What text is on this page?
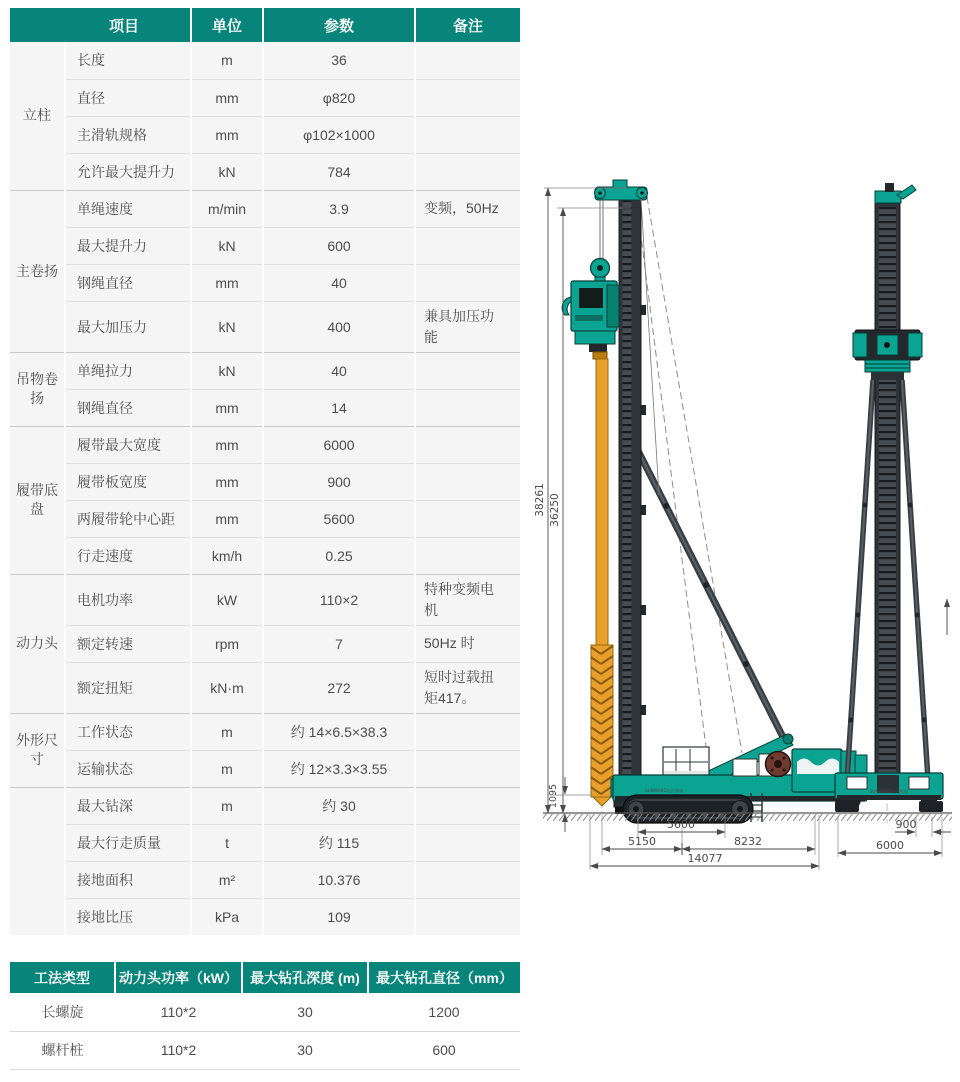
项目		单位	参数	备注
立柱	长度	m	36	
	直径	mm	φ820	
	主滑轨规格	mm	φ102×1000	
	允许最大提升力	kN	784	
主卷扬	单绳速度	m/min	3.9	变频，50Hz
	最大提升力	kN	600	
	钢绳直径	mm	40	
	最大加压力	kN	400	兼具加压功能
吊物卷扬	单绳拉力	kN	40	
	钢绳直径	mm	14	
履带底盘	履带最大宽度	mm	6000	
	履带板宽度	mm	900	
	两履带轮中心距	mm	5600	
	行走速度	km/h	0.25	
动力头	电机功率	kW	110×2	特种变频电机
	额定转速	rpm	7	50Hz 时
	额定扭矩	kN·m	272	短时过载扭矩417。
外形尺寸	工作状态	m	约 14×6.5×38.3	
	运输状态	m	约 12×3.3×3.55	
	最大钻深	m	约 30	
	最大行走质量	t	约 115	
	接地面积	m²	10.376	
	接地比压	kPa	109	
工法类型	动力头功率（kW）	最大钻孔深度 (m)	最大钻孔直径（mm）
长螺旋	110*2	30	1200
螺杆桩	110*2	30	600
SUNWARD山河智能	SUNWARD山河智能
38261 36250
1095
5600
5150	8232
14077
900
6000
